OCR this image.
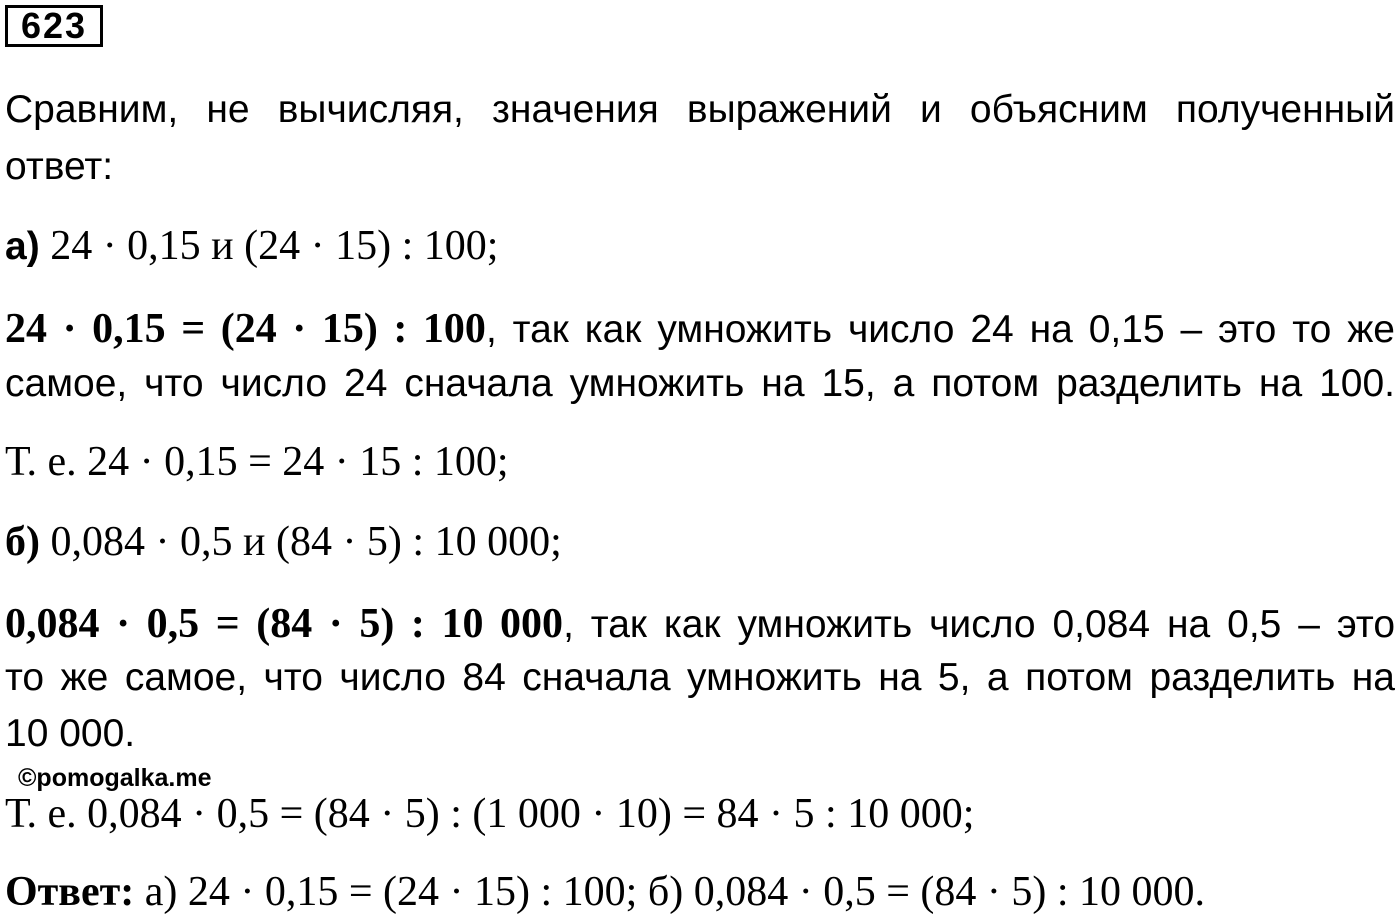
623
Сравним, не вычисляя, значения выражений и объясним полученный
ответ:
а) 24 · 0,15 и (24 · 15) : 100;
24 · 0,15 = (24 · 15) : 100, так как умножить число 24 на 0,15 – это то же
самое, что число 24 сначала умножить на 15, а потом разделить на 100.
Т. е. 24 · 0,15 = 24 · 15 : 100;
б) 0,084 · 0,5 и (84 · 5) : 10 000;
0,084 · 0,5 = (84 · 5) : 10 000, так как умножить число 0,084 на 0,5 – это
то же самое, что число 84 сначала умножить на 5, а потом разделить на
10 000.
©pomogalka.me
Т. е. 0,084 · 0,5 = (84 · 5) : (1 000 · 10) = 84 · 5 : 10 000;
Ответ: а) 24 · 0,15 = (24 · 15) : 100; б) 0,084 · 0,5 = (84 · 5) : 10 000.
